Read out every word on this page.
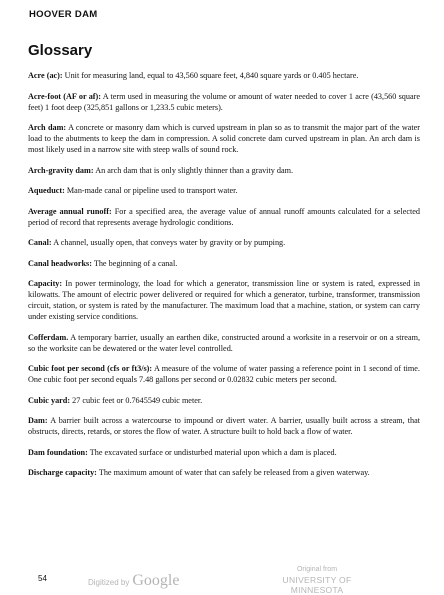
HOOVER DAM
Glossary

Acre (ac): Unit for measuring land, equal to 43,560 square feet, 4,840 square yards or 0.405 hectare.

Acre-foot (AF or af): A term used in measuring the volume or amount of water needed to cover 1 acre (43,560 square feet) 1 foot deep (325,851 gallons or 1,233.5 cubic meters).

Arch dam: A concrete or masonry dam which is curved upstream in plan so as to transmit the major part of the water load to the abutments to keep the dam in compression. A solid concrete dam curved upstream in plan. An arch dam is most likely used in a narrow site with steep walls of sound rock.

Arch-gravity dam: An arch dam that is only slightly thinner than a gravity dam.

Aqueduct: Man-made canal or pipeline used to transport water.

Average annual runoff: For a specified area, the average value of annual runoff amounts calculated for a selected period of record that represents average hydrologic conditions.

Canal: A channel, usually open, that conveys water by gravity or by pumping.

Canal headworks: The beginning of a canal.

Capacity: In power terminology, the load for which a generator, transmission line or system is rated, expressed in kilowatts. The amount of electric power delivered or required for which a generator, turbine, transformer, transmission circuit, station, or system is rated by the manufacturer. The maximum load that a machine, station, or system can carry under existing service conditions.

Cofferdam. A temporary barrier, usually an earthen dike, constructed around a worksite in a reservoir or on a stream, so the worksite can be dewatered or the water level controlled.

Cubic foot per second (cfs or ft3/s): A measure of the volume of water passing a reference point in 1 second of time. One cubic foot per second equals 7.48 gallons per second or 0.02832 cubic meters per second.

Cubic yard: 27 cubic feet or 0.7645549 cubic meter.

Dam: A barrier built across a watercourse to impound or divert water. A barrier, usually built across a stream, that obstructs, directs, retards, or stores the flow of water. A structure built to hold back a flow of water.

Dam foundation: The excavated surface or undisturbed material upon which a dam is placed.

Discharge capacity: The maximum amount of water that can safely be released from a given waterway.

54	Digitized by Google
Original from
UNIVERSITY OF MINNESOTA
